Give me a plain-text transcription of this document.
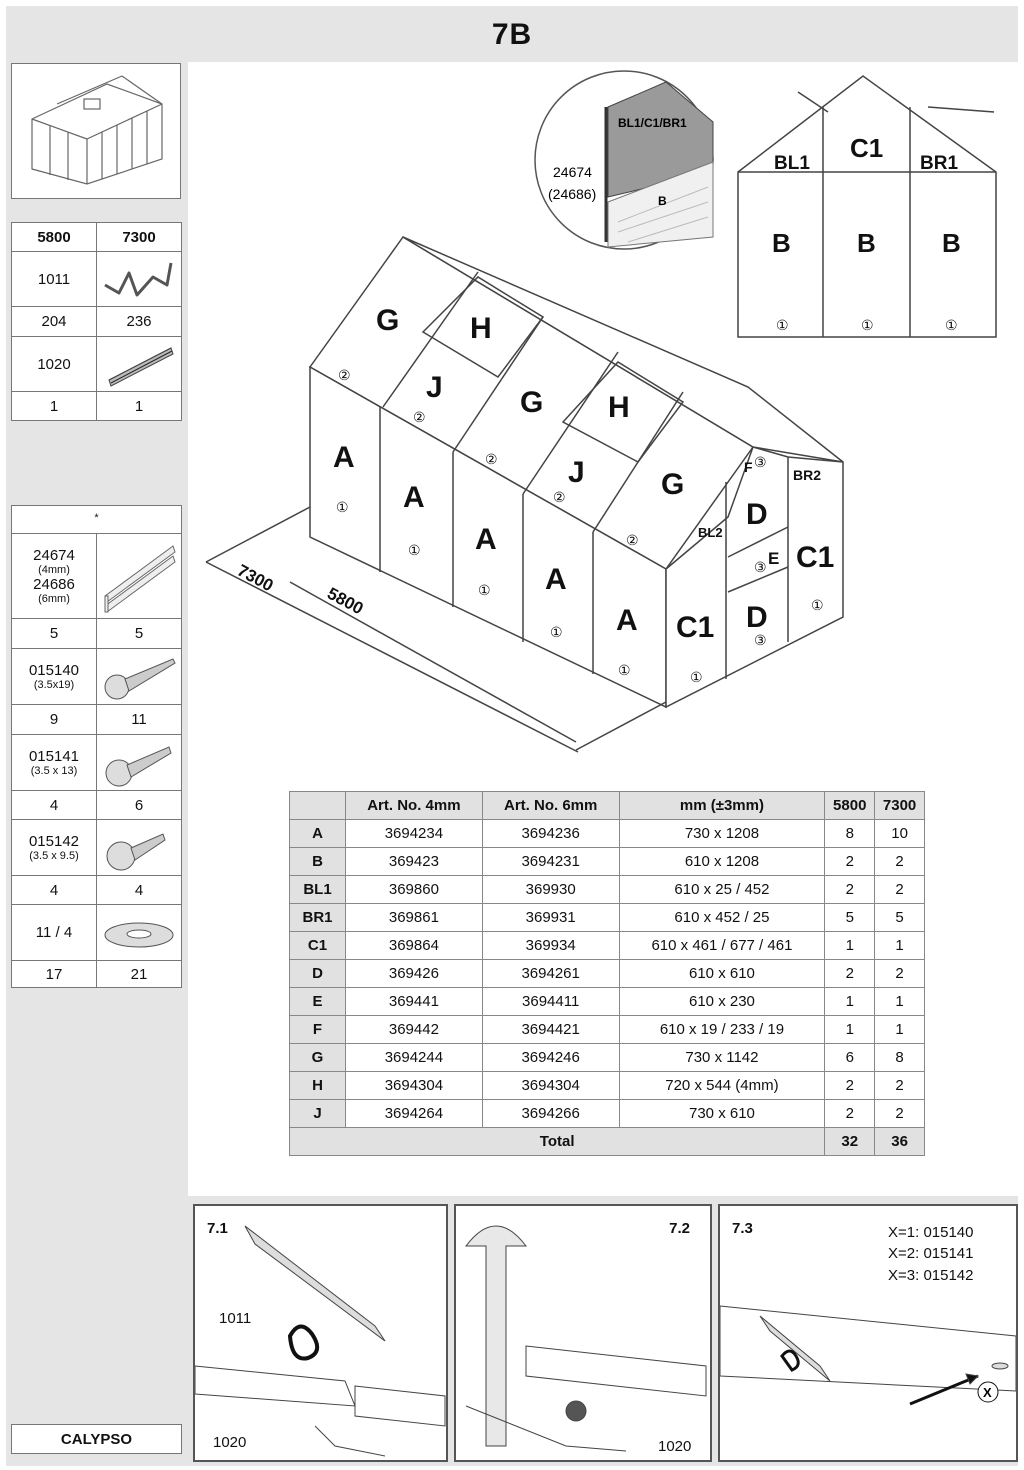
7B
5800	7300
1011
204	236
1020
1	1
*
24674
(4mm)
24686
(6mm)
5	5
015140
(3.5x19)
9	11
015141
(3.5 x 13)
4	6
015142
(3.5 x 9.5)
4	4
11 / 4
17	21
CALYPSO
BL1/C1/BR1
24674
(24686)	B
BL1
C1
BR1
B	B	B
①	①	①
G H
J	G H
J	G
A
A
A
A
A C1
BL2
D
E
D
F	BR2
C1
①
①
①
①
①	①
①
②
②
②
②
②
③
③
③
7300
5800
	Art. No. 4mm	Art. No. 6mm	mm (±3mm)	5800	7300
A	3694234	3694236	730 x 1208	8	10
B	369423	3694231	610 x 1208	2	2
BL1	369860	369930	610 x 25 / 452	2	2
BR1	369861	369931	610 x 452 / 25	5	5
C1	369864	369934	610 x 461 / 677 / 461	1	1
D	369426	3694261	610 x 610	2	2
E	369441	3694411	610 x 230	1	1
F	369442	3694421	610 x 19 / 233 / 19	1	1
G	3694244	3694246	730 x 1142	6	8
H	3694304	3694304	720 x 544 (4mm)	2	2
J	3694264	3694266	730 x 610	2	2
Total				32	36
7.1
1011
1020
7.2
1020
X
7.3	X=1: 015140
X=2: 015141
X=3: 015142
